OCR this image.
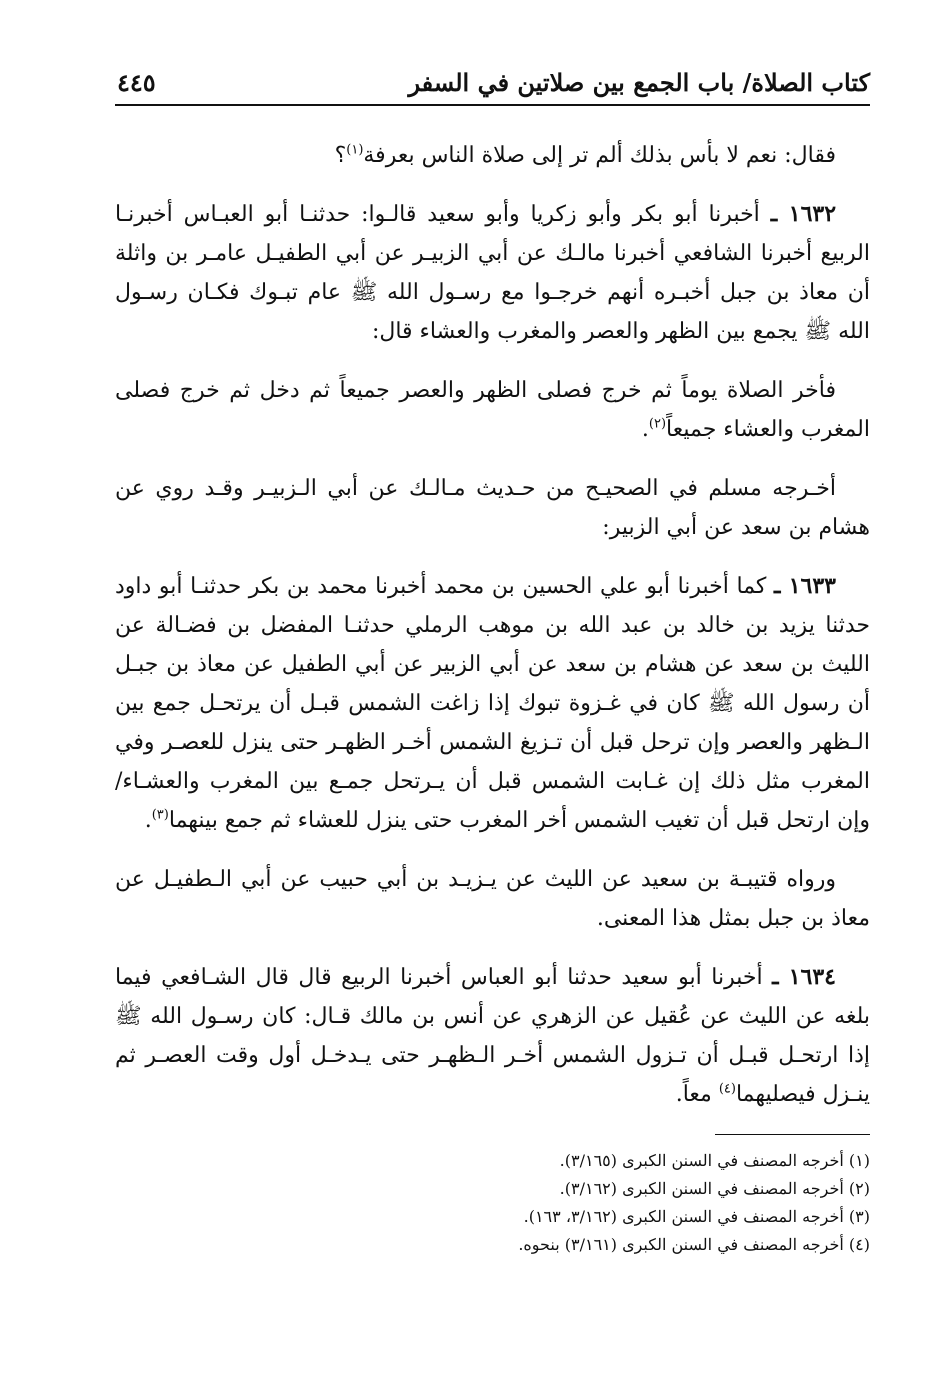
كتاب الصلاة/ باب الجمع بين صلاتين في السفر
٤٤٥

فقال: نعم لا بأس بذلك ألم تر إلى صلاة الناس بعرفة$^{(١)}$؟

١٦٣٢ ـ أخبرنا أبو بكر وأبو زكريا وأبو سعيد قالـوا: حدثنـا أبو العبـاس أخبرنـا الربيع أخبرنا الشافعي أخبرنا مالـك عن أبي الزبيـر عن أبي الطفيـل عامـر بن واثلة أن معاذ بن جبل أخبـره أنهم خرجـوا مع رسـول الله ﷺ عام تبـوك فكـان رسـول الله ﷺ يجمع بين الظهر والعصر والمغرب والعشاء قال:

فأخر الصلاة يوماً ثم خرج فصلى الظهر والعصر جميعاً ثم دخل ثم خرج فصلى المغرب والعشاء جميعاً$^{(٢)}$.

أخـرجه مسلم في الصحيـح من حـديث مـالـك عن أبي الـزبيـر وقـد روي عن هشام بن سعد عن أبي الزبير:

١٦٣٣ ـ كما أخبرنا أبو علي الحسين بن محمد أخبرنا محمد بن بكر حدثنـا أبو داود حدثنا يزيد بن خالد بن عبد الله بن موهب الرملي حدثنـا المفضل بن فضـالة عن الليث بن سعد عن هشام بن سعد عن أبي الزبير عن أبي الطفيل عن معاذ بن جبـل أن رسول الله ﷺ كان في غـزوة تبوك إذا زاغت الشمس قبـل أن يرتحـل جمع بين الـظهر والعصر وإن ترحل قبل أن تـزيغ الشمس أخـر الظهـر حتى ينزل للعصـر وفي المغرب مثل ذلك إن غـابت الشمس قبل أن يـرتحل جمـع بين المغرب والعشـاء/ وإن ارتحل قبل أن تغيب الشمس أخر المغرب حتى ينزل للعشاء ثم جمع بينهما$^{(٣)}$.

ورواه قتيبـة بن سعيد عن الليث عن يـزيـد بن أبي حبيب عن أبي الـطفيـل عن معاذ بن جبل بمثل هذا المعنى.

١٦٣٤ ـ أخبرنا أبو سعيد حدثنا أبو العباس أخبرنا الربيع قال قال الشـافعي فيما بلغه عن الليث عن عُقيل عن الزهري عن أنس بن مالك قـال: كان رسـول الله ﷺ إذا ارتحـل قبـل أن تـزول الشمس أخـر الـظهـر حتى يـدخـل أول وقت العصـر ثم ينـزل فيصليهما$^{(٤)}$ معاً.

(١) أخرجه المصنف في السنن الكبرى (٣/١٦٥).
(٢) أخرجه المصنف في السنن الكبرى (٣/١٦٢).
(٣) أخرجه المصنف في السنن الكبرى (٣/١٦٢، ١٦٣).
(٤) أخرجه المصنف في السنن الكبرى (٣/١٦١) بنحوه.
